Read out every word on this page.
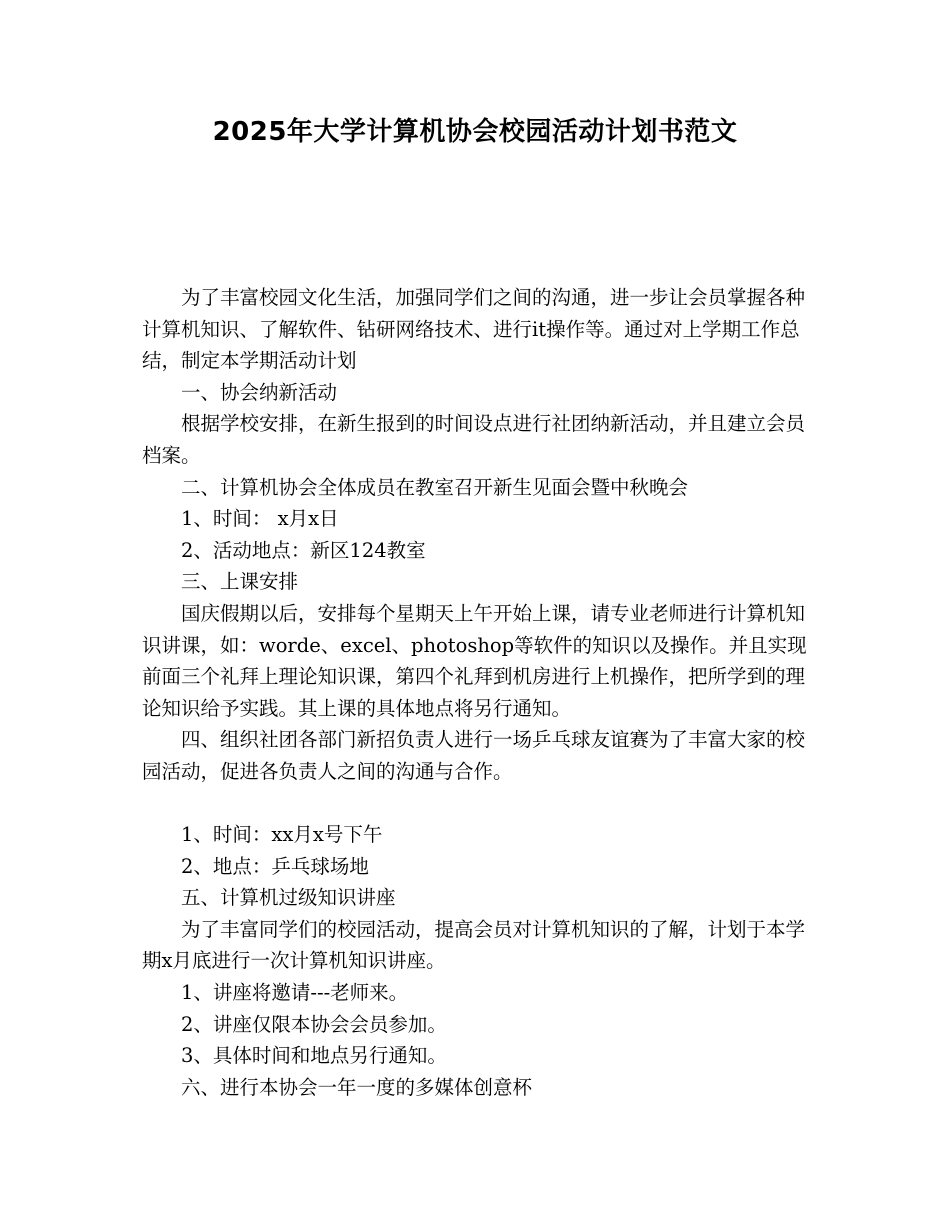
2025年大学计算机协会校园活动计划书范文

为了丰富校园文化生活，加强同学们之间的沟通，进一步让会员掌握各种计算机知识、了解软件、钻研网络技术、进行it操作等。通过对上学期工作总结，制定本学期活动计划

一、协会纳新活动

根据学校安排，在新生报到的时间设点进行社团纳新活动，并且建立会员档案。

二、计算机协会全体成员在教室召开新生见面会暨中秋晚会

1、时间： x月x日

2、活动地点：新区124教室

三、上课安排

国庆假期以后，安排每个星期天上午开始上课，请专业老师进行计算机知识讲课，如：worde、excel、photoshop等软件的知识以及操作。并且实现前面三个礼拜上理论知识课，第四个礼拜到机房进行上机操作，把所学到的理论知识给予实践。其上课的具体地点将另行通知。

四、组织社团各部门新招负责人进行一场乒乓球友谊赛为了丰富大家的校园活动，促进各负责人之间的沟通与合作。

1、时间：xx月x号下午

2、地点：乒乓球场地

五、计算机过级知识讲座

为了丰富同学们的校园活动，提高会员对计算机知识的了解，计划于本学期x月底进行一次计算机知识讲座。

1、讲座将邀请---老师来。

2、讲座仅限本协会会员参加。

3、具体时间和地点另行通知。

六、进行本协会一年一度的多媒体创意杯
